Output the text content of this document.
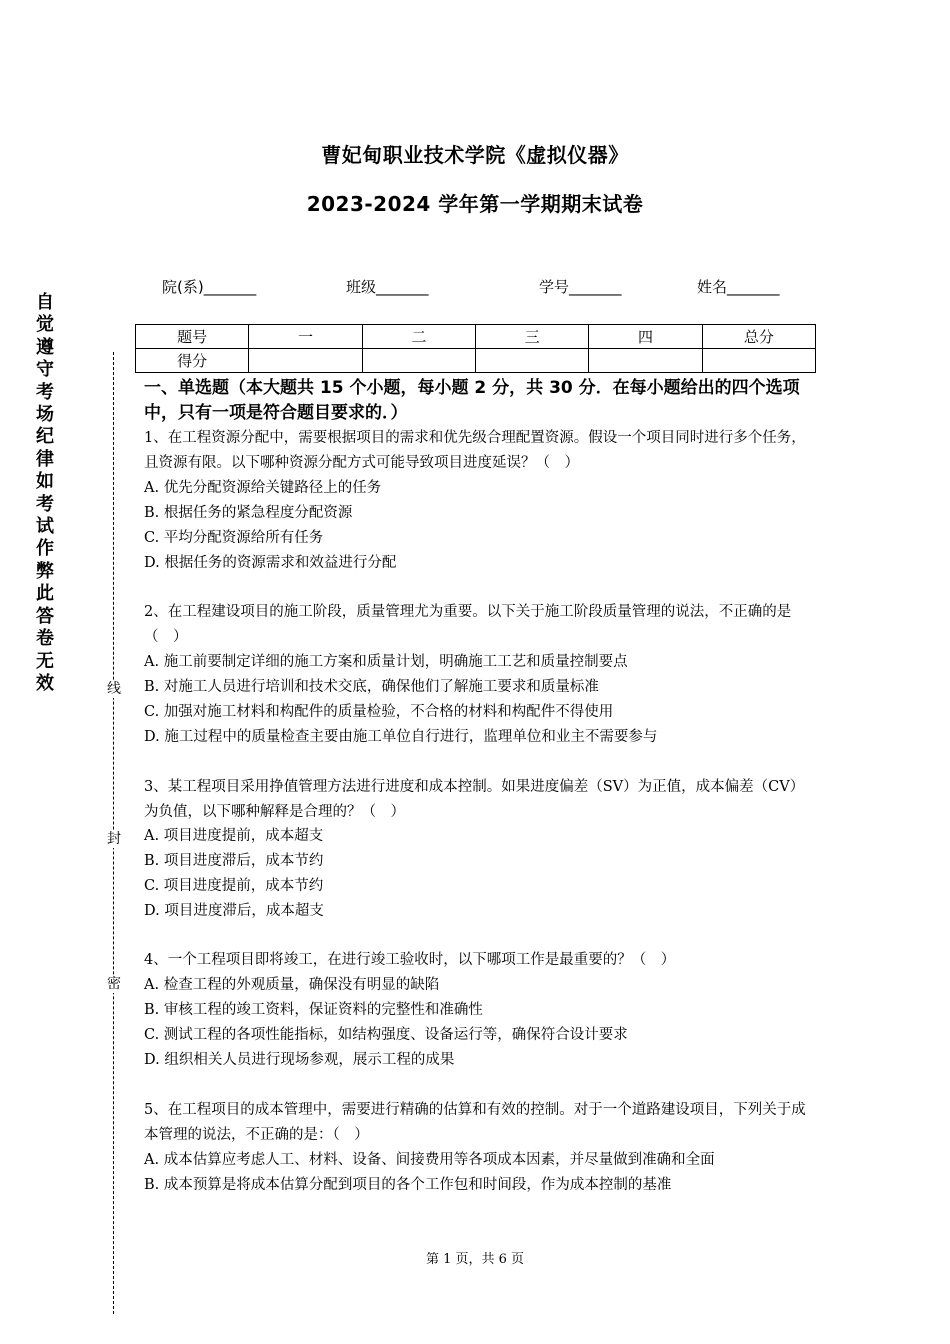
曹妃甸职业技术学院《虚拟仪器》
2023-2024 学年第一学期期末试卷
院(系)_______	班级_______	学号_______	姓名_______
题号	一	二	三	四	总分
得分					
自觉遵守考场纪律如考试作弊此答卷无效	线
封
密
一、单选题（本大题共 15 个小题，每小题 2 分，共 30 分．在每小题给出的四个选项中，只有一项是符合题目要求的．）
1、在工程资源分配中，需要根据项目的需求和优先级合理配置资源。假设一个项目同时进行多个任务，且资源有限。以下哪种资源分配方式可能导致项目进度延误？（　）
A. 优先分配资源给关键路径上的任务
B. 根据任务的紧急程度分配资源
C. 平均分配资源给所有任务
D. 根据任务的资源需求和效益进行分配
2、在工程建设项目的施工阶段，质量管理尤为重要。以下关于施工阶段质量管理的说法，不正确的是（　）
A. 施工前要制定详细的施工方案和质量计划，明确施工工艺和质量控制要点
B. 对施工人员进行培训和技术交底，确保他们了解施工要求和质量标准
C. 加强对施工材料和构配件的质量检验，不合格的材料和构配件不得使用
D. 施工过程中的质量检查主要由施工单位自行进行，监理单位和业主不需要参与
3、某工程项目采用挣值管理方法进行进度和成本控制。如果进度偏差（SV）为正值，成本偏差（CV）为负值，以下哪种解释是合理的？（　）
A. 项目进度提前，成本超支
B. 项目进度滞后，成本节约
C. 项目进度提前，成本节约
D. 项目进度滞后，成本超支
4、一个工程项目即将竣工，在进行竣工验收时，以下哪项工作是最重要的？（　）
A. 检查工程的外观质量，确保没有明显的缺陷
B. 审核工程的竣工资料，保证资料的完整性和准确性
C. 测试工程的各项性能指标，如结构强度、设备运行等，确保符合设计要求
D. 组织相关人员进行现场参观，展示工程的成果
5、在工程项目的成本管理中，需要进行精确的估算和有效的控制。对于一个道路建设项目，下列关于成本管理的说法，不正确的是：（　）
A. 成本估算应考虑人工、材料、设备、间接费用等各项成本因素，并尽量做到准确和全面
B. 成本预算是将成本估算分配到项目的各个工作包和时间段，作为成本控制的基准
第 1 页，共 6 页
